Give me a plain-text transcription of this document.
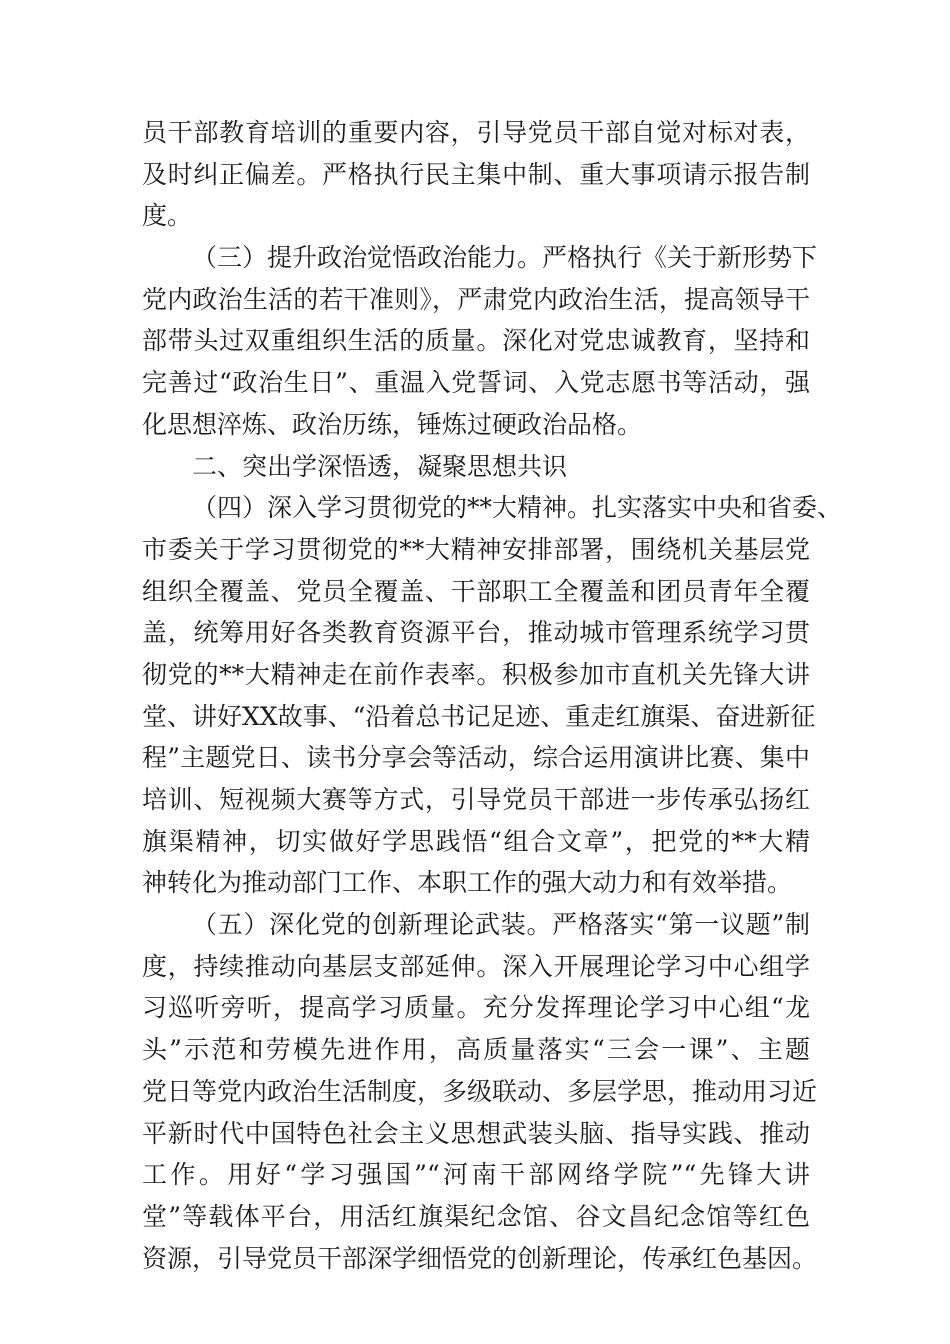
员干部教育培训的重要内容，引导党员干部自觉对标对表，
及时纠正偏差。严格执行民主集中制、重大事项请示报告制
度。
（三）提升政治觉悟政治能力。严格执行《关于新形势下
党内政治生活的若干准则》，严肃党内政治生活，提高领导干
部带头过双重组织生活的质量。深化对党忠诚教育，坚持和
完善过“政治生日”、重温入党誓词、入党志愿书等活动，强
化思想淬炼、政治历练，锤炼过硬政治品格。
二、突出学深悟透，凝聚思想共识
（四）深入学习贯彻党的**大精神。扎实落实中央和省委、
市委关于学习贯彻党的**大精神安排部署，围绕机关基层党
组织全覆盖、党员全覆盖、干部职工全覆盖和团员青年全覆
盖，统筹用好各类教育资源平台，推动城市管理系统学习贯
彻党的**大精神走在前作表率。积极参加市直机关先锋大讲
堂、讲好XX故事、“沿着总书记足迹、重走红旗渠、奋进新征
程”主题党日、读书分享会等活动，综合运用演讲比赛、集中
培训、短视频大赛等方式，引导党员干部进一步传承弘扬红
旗渠精神，切实做好学思践悟“组合文章”，把党的**大精
神转化为推动部门工作、本职工作的强大动力和有效举措。
（五）深化党的创新理论武装。严格落实“第一议题”制
度，持续推动向基层支部延伸。深入开展理论学习中心组学
习巡听旁听，提高学习质量。充分发挥理论学习中心组“龙
头”示范和劳模先进作用，高质量落实“三会一课”、主题
党日等党内政治生活制度，多级联动、多层学思，推动用习近
平新时代中国特色社会主义思想武装头脑、指导实践、推动
工作。用好“学习强国”“河南干部网络学院”“先锋大讲
堂”等载体平台，用活红旗渠纪念馆、谷文昌纪念馆等红色
资源，引导党员干部深学细悟党的创新理论，传承红色基因。
